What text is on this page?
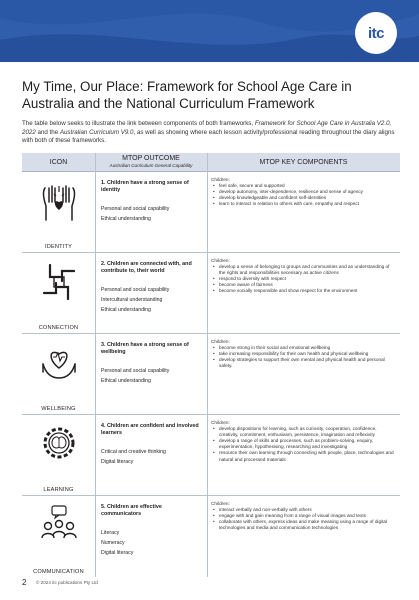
itc
My Time, Our Place: Framework for School Age Care in Australia and the National Curriculum Framework

The table below seeks to illustrate the link between components of both frameworks, Framework for School Age Care in Australia V2.0, 2022 and the Australian Curriculum V9.0, as well as showing where each lesson activity/professional reading throughout the diary aligns with both of these frameworks.

ICON
MTOP OUTCOME
Australian Curriculum General Capability	MTOP KEY COMPONENTS
IDENTITY
1. Children have a strong sense of identity
Personal and social capability
Ethical understanding
Children:
• feel safe, secure and supported
• develop autonomy, inter-dependence, resilience and sense of agency
• develop knowledgeable and confident self-identities
• learn to interact in relation to others with care, empathy and respect
CONNECTION
2. Children are connected with, and contribute to, their world
Personal and social capability
Intercultural understanding
Ethical understanding
Children:
• develop a sense of belonging to groups and communities and an understanding of the rights and responsibilities necessary as active citizens
• respond to diversity with respect
• become aware of fairness
• become socially responsible and show respect for the environment
WELLBEING
3. Children have a strong sense of wellbeing
Personal and social capability
Ethical understanding
Children:
• become strong in their social and emotional wellbeing
• take increasing responsibility for their own health and physical wellbeing
• develop strategies to support their own mental and physical health and personal safety.
LEARNING
4. Children are confident and involved learners
Critical and creative thinking
Digital literacy
Children:
• develop dispositions for learning, such as curiosity, cooperation, confidence, creativity, commitment, enthusiasm, persistence, imagination and reflexivity
• develop a range of skills and processes, such as problem-solving, enquiry, experimentation, hypothesising, researching and investigating
• resource their own learning through connecting with people, place, technologies and natural and processed materials
COMMUNICATION
5. Children are effective communicators
Literacy
Numeracy
Digital literacy
Children:
• interact verbally and non-verbally with others
• engage with and gain meaning from a range of visual images and texts
• collaborate with others, express ideas and make meaning using a range of digital technologies and media and communication technologies
2 © 2024 itc publications Pty Ltd
